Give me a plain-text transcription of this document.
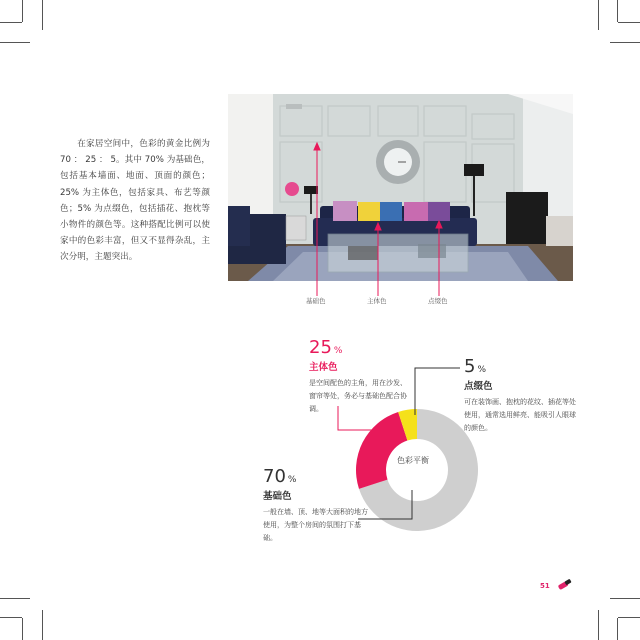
在家居空间中，色彩的黄金比例为 70 ： 25 ： 5。其中 70% 为基础色，包括基本墙面、地面、顶面的颜色；25% 为主体色，包括家具、布艺等颜色；5% 为点缀色，包括插花、抱枕等小物件的颜色等。这种搭配比例可以使家中的色彩丰富，但又不显得杂乱，主次分明，主题突出。

基础色	主体色	点缀色
色彩平衡
25 %
主体色
是空间配色的主角，用在沙发、窗帘等处，务必与基础色配合协调。
5 %
点缀色
可在装饰画、抱枕的花纹、插花等处使用，通常选用鲜亮、能吸引人眼球的颜色。
70 %
基础色
一般在墙、顶、地等大面积的地方使用，为整个房间的氛围打下基础。
51
